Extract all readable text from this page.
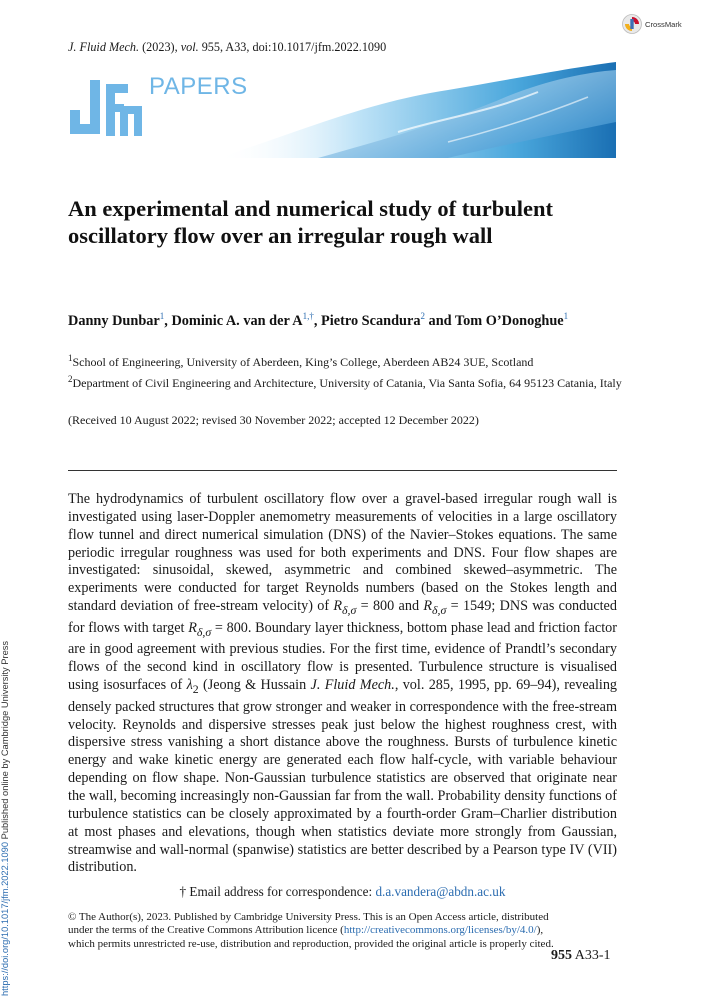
J. Fluid Mech. (2023), vol. 955, A33, doi:10.1017/jfm.2022.1090
CrossMark
PAPERS
An experimental and numerical study of turbulent oscillatory flow over an irregular rough wall
Danny Dunbar$^1$, Dominic A. van der $A^{1,\dagger}$, Pietro Scandura$^2$ and Tom O’Donoghue$^1$
$^1$School of Engineering, University of Aberdeen, King’s College, Aberdeen AB24 3UE, Scotland
$^2$Department of Civil Engineering and Architecture, University of Catania, Via Santa Sofia, 64 95123 Catania, Italy
(Received 10 August 2022; revised 30 November 2022; accepted 12 December 2022)

The hydrodynamics of turbulent oscillatory flow over a gravel-based irregular rough wall is investigated using laser-Doppler anemometry measurements of velocities in a large oscillatory flow tunnel and direct numerical simulation (DNS) of the Navier–Stokes equations. The same periodic irregular roughness was used for both experiments and DNS. Four flow shapes are investigated: sinusoidal, skewed, asymmetric and combined skewed–asymmetric. The experiments were conducted for target Reynolds numbers (based on the Stokes length and standard deviation of free-stream velocity) of $R_{\delta,\sigma} = 800$ and $R_{\delta,\sigma} = 1549$; DNS was conducted for flows with target $R_{\delta,\sigma} = 800$. Boundary layer thickness, bottom phase lead and friction factor are in good agreement with previous studies. For the first time, evidence of Prandtl’s secondary flows of the second kind in oscillatory flow is presented. Turbulence structure is visualised using isosurfaces of $\lambda_2$ (Jeong & Hussain J. Fluid Mech., vol. 285, 1995, pp. 69–94), revealing densely packed structures that grow stronger and weaker in correspondence with the free-stream velocity. Reynolds and dispersive stresses peak just below the highest roughness crest, with dispersive stress vanishing a short distance above the roughness. Bursts of turbulence kinetic energy and wake kinetic energy are generated each flow half-cycle, with variable behaviour depending on flow shape. Non-Gaussian turbulence statistics are observed that originate near the wall, becoming increasingly non-Gaussian far from the wall. Probability density functions of turbulence statistics can be closely approximated by a fourth-order Gram–Charlier distribution at most phases and elevations, though when statistics deviate more strongly from Gaussian, streamwise and wall-normal (spanwise) statistics are better described by a Pearson type IV (VII) distribution.

† Email address for correspondence: d.a.vandera@abdn.ac.uk
© The Author(s), 2023. Published by Cambridge University Press. This is an Open Access article, distributed under the terms of the Creative Commons Attribution licence (http://creativecommons.org/licenses/by/4.0/), which permits unrestricted re-use, distribution and reproduction, provided the original article is properly cited.
955 A33-1
https://doi.org/10.1017/jfm.2022.1090 Published online by Cambridge University Press
